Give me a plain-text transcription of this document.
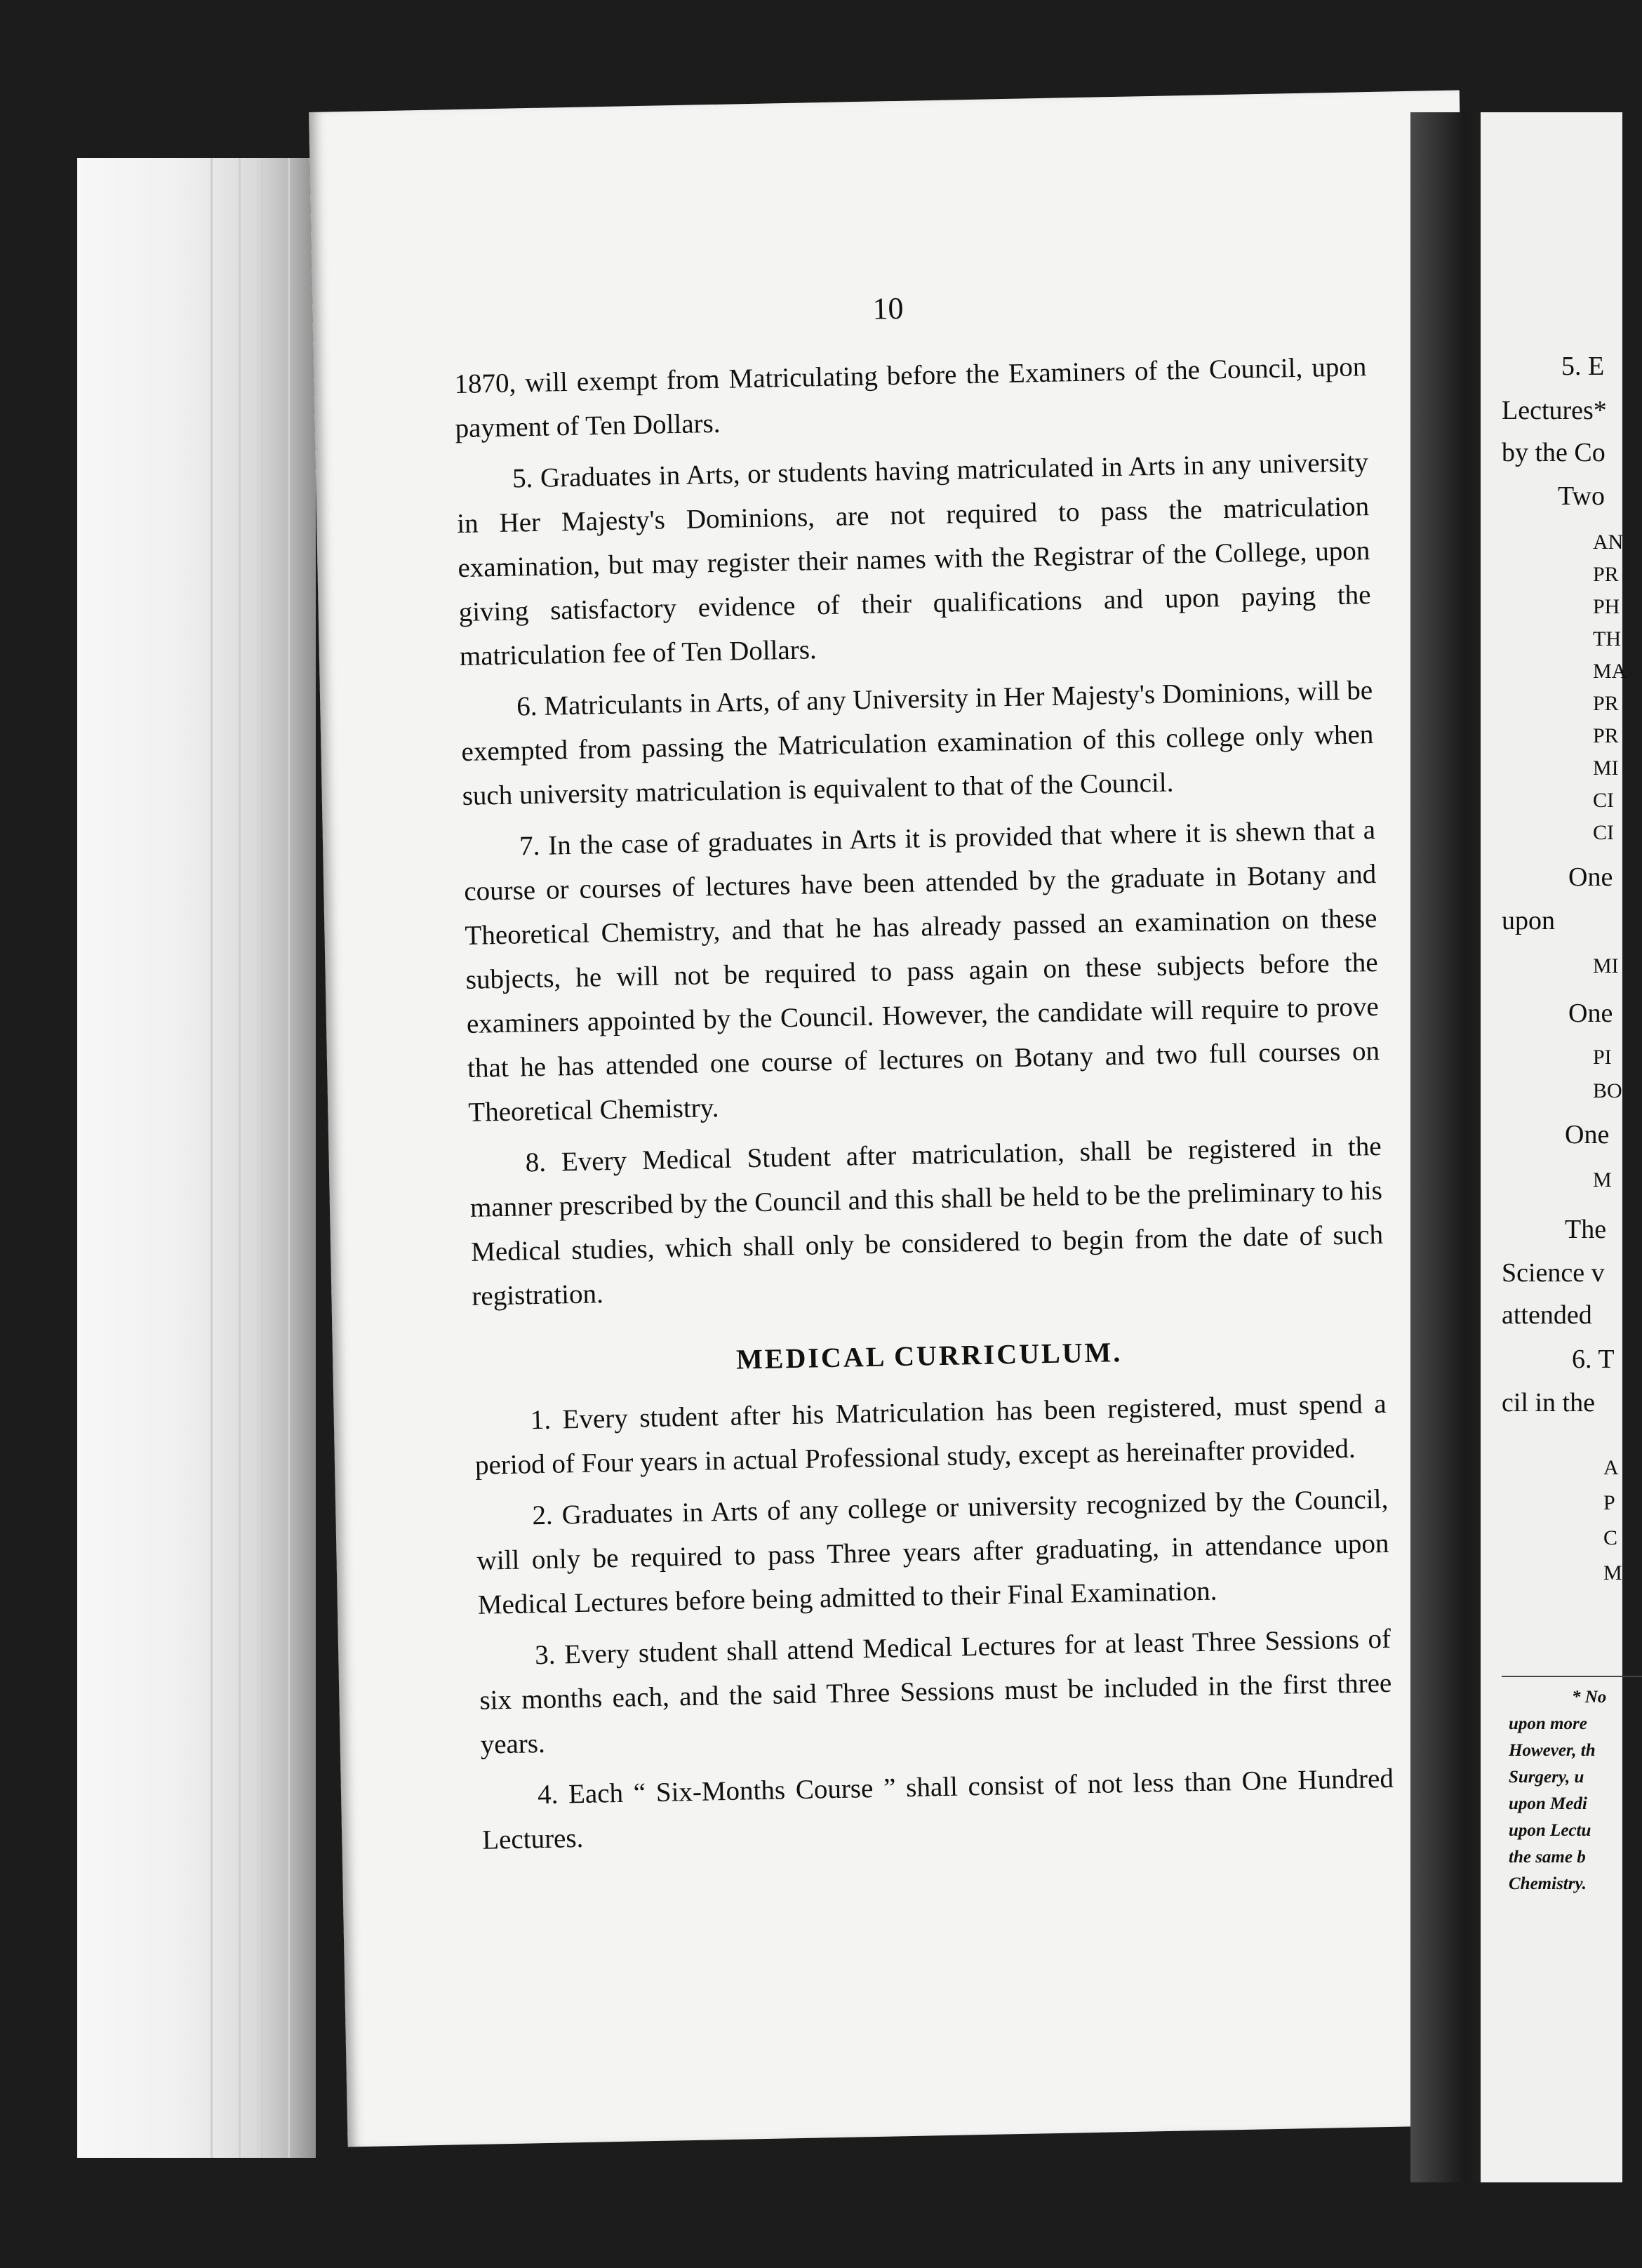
10

1870, will exempt from Matriculating before the Examiners of the Council, upon payment of Ten Dollars.

5. Graduates in Arts, or students having matriculated in Arts in any university in Her Majesty's Dominions, are not required to pass the matriculation examination, but may register their names with the Registrar of the College, upon giving satisfactory evidence of their qualifications and upon paying the matriculation fee of Ten Dollars.

6. Matriculants in Arts, of any University in Her Majesty's Dominions, will be exempted from passing the Matriculation examination of this college only when such university matriculation is equivalent to that of the Council.

7. In the case of graduates in Arts it is provided that where it is shewn that a course or courses of lectures have been attended by the graduate in Botany and Theoretical Chemistry, and that he has already passed an examination on these subjects, he will not be required to pass again on these subjects before the examiners appointed by the Council. However, the candidate will require to prove that he has attended one course of lectures on Botany and two full courses on Theoretical Chemistry.

8. Every Medical Student after matriculation, shall be registered in the manner prescribed by the Council and this shall be held to be the preliminary to his Medical studies, which shall only be considered to begin from the date of such registration.

MEDICAL CURRICULUM.

1. Every student after his Matriculation has been registered, must spend a period of Four years in actual Professional study, except as hereinafter provided.

2. Graduates in Arts of any college or university recognized by the Council, will only be required to pass Three years after graduating, in attendance upon Medical Lectures before being admitted to their Final Examination.

3. Every student shall attend Medical Lectures for at least Three Sessions of six months each, and the said Three Sessions must be included in the first three years.

4. Each “ Six-Months Course ” shall consist of not less than One Hundred Lectures.

5. E
Lectures*
by the Co
Two
AN
PR
PH
TH
MA
PR
PR
MI
CI
CI
One
upon
MI
One
PI
BO
One
M
The
Science v
attended
6. T
cil in the
A
P
C
M
* No
upon more
However, th
Surgery, u
upon Medi
upon Lectu
the same b
Chemistry.
